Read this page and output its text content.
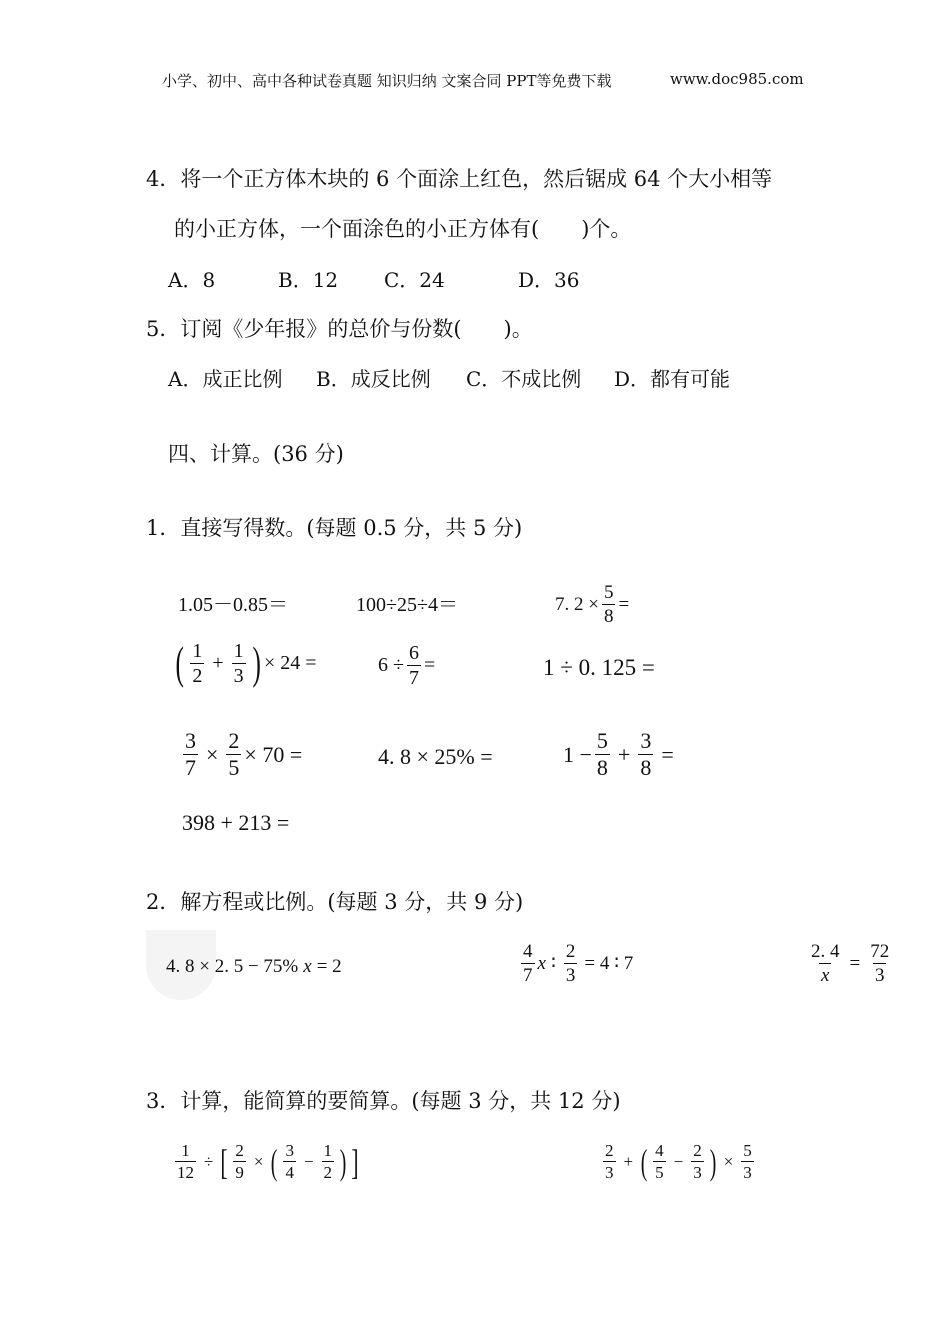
小学、初中、高中各种试卷真题 知识归纳 文案合同 PPT等免费下载	www.doc985.com
4．将一个正方体木块的 6 个面涂上红色，然后锯成 64 个大小相等
的小正方体，一个面涂色的小正方体有(　　)个。
A．8	B．12 C．24	D．36
5．订阅《少年报》的总价与份数(　　)。
A．成正比例 B．成反比例 C．不成比例 D．都有可能
四、计算。(36 分)
1．直接写得数。(每题 0.5 分，共 5 分)
1.05－0.85＝	100÷25÷4＝	7. $2 \times \frac{5}{8}$ =
( $\frac{1}{2} + \frac{1}{3}$ ) × 24 =	$6 \div \frac{6}{7}$ =	1 ÷ 0. 125 =
$\frac{3}{7} \times \frac{2}{5} \times 70$ =	4. 8 × 25% =	$1 - \frac{5}{8} + \frac{3}{8}$ =
398 + 213 =
2．解方程或比例。(每题 3 分，共 9 分)
4. 8 × 2. 5 − 75% x = 2	$\frac{4}{7}$ x ∶ $\frac{2}{3} = 4$ ∶ 7	$\frac{2. 4}{x} = \frac{72}{3}$
3．计算，能简算的要简算。(每题 3 分，共 12 分)
$\frac{1}{12}$ ÷ [ $\frac{2}{9}$ × ( $\frac{3}{4} - \frac{1}{2}$ ) ]	$\frac{2}{3}$ + ( $\frac{4}{5} - \frac{2}{3}$ ) × $\frac{5}{3}$
